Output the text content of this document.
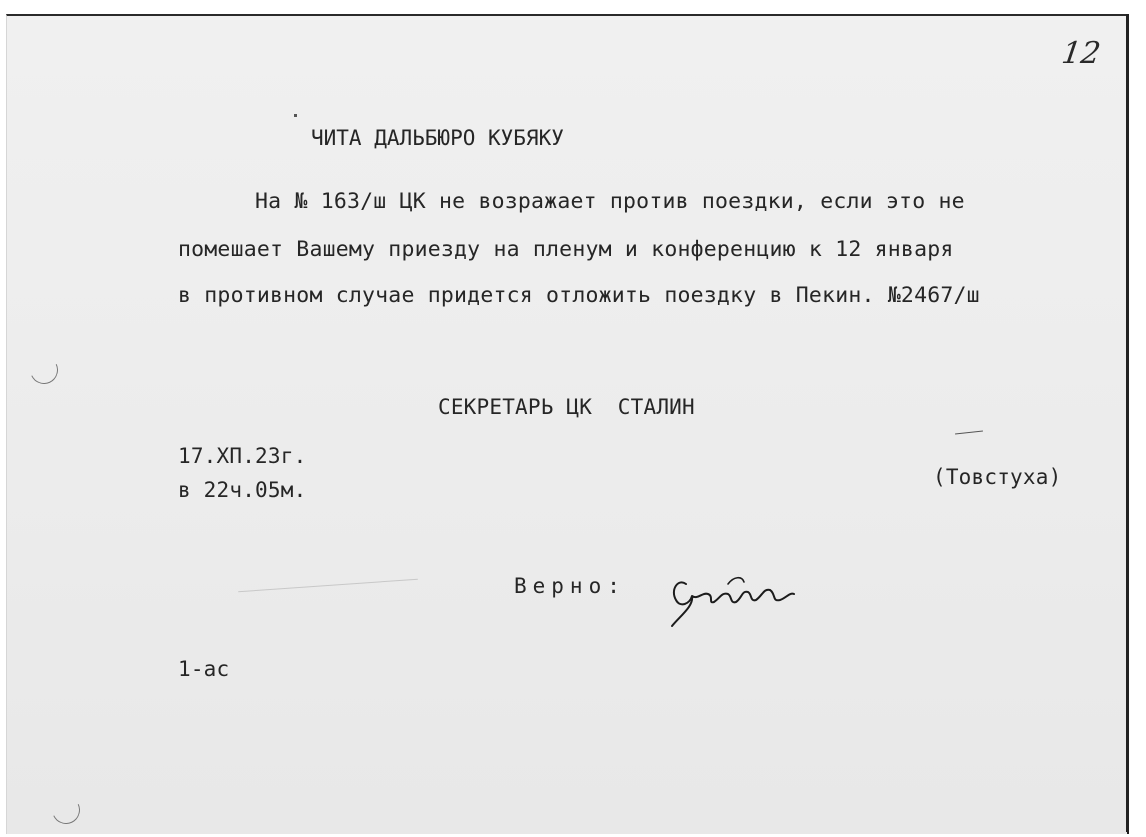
12
ЧИТА ДАЛЬБЮРО КУБЯКУ
На № 163/ш ЦК не возражает против поездки, если это не
помешает Вашему приезду на пленум и конференцию к 12 января
в противном случае придется отложить поездку в Пекин. №2467/ш
СЕКРЕТАРЬ ЦК  СТАЛИН
17.ХП.23г.
в 22ч.05м.
(Товстуха)
Верно:
1-ас
